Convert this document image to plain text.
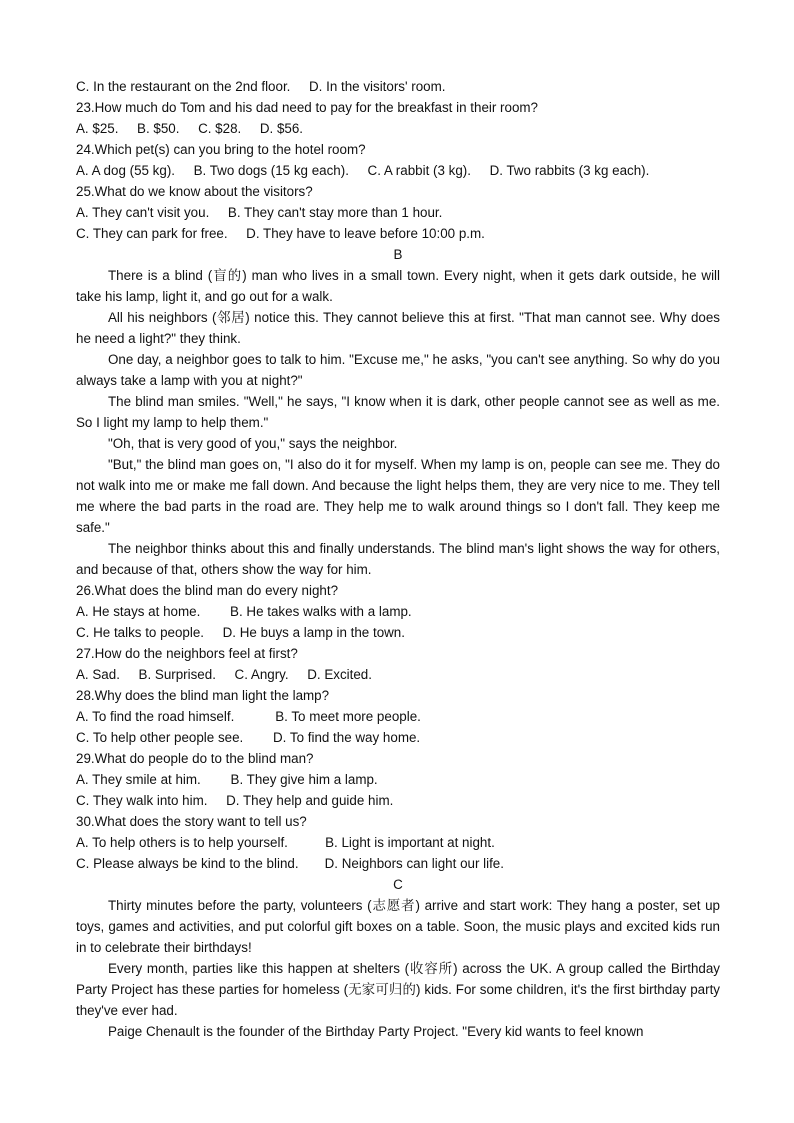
C. In the restaurant on the 2nd floor.     D. In the visitors' room.
23.How much do Tom and his dad need to pay for the breakfast in their room?
A. $25.     B. $50.     C. $28.     D. $56.
24.Which pet(s) can you bring to the hotel room?
A. A dog (55 kg).     B. Two dogs (15 kg each).     C. A rabbit (3 kg).     D. Two rabbits (3 kg each).
25.What do we know about the visitors?
A. They can't visit you.     B. They can't stay more than 1 hour.
C. They can park for free.     D. They have to leave before 10:00 p.m.
B

There is a blind (盲的) man who lives in a small town. Every night, when it gets dark outside, he will take his lamp, light it, and go out for a walk.

All his neighbors (邻居) notice this. They cannot believe this at first. "That man cannot see. Why does he need a light?" they think.

One day, a neighbor goes to talk to him. "Excuse me," he asks, "you can't see anything. So why do you always take a lamp with you at night?"

The blind man smiles. "Well," he says, "I know when it is dark, other people cannot see as well as me. So I light my lamp to help them."

"Oh, that is very good of you," says the neighbor.

"But," the blind man goes on, "I also do it for myself. When my lamp is on, people can see me. They do not walk into me or make me fall down. And because the light helps them, they are very nice to me. They tell me where the bad parts in the road are. They help me to walk around things so I don't fall. They keep me safe."

The neighbor thinks about this and finally understands. The blind man's light shows the way for others, and because of that, others show the way for him.

26.What does the blind man do every night?
A. He stays at home.        B. He takes walks with a lamp.
C. He talks to people.     D. He buys a lamp in the town.
27.How do the neighbors feel at first?
A. Sad.     B. Surprised.     C. Angry.     D. Excited.
28.Why does the blind man light the lamp?
A. To find the road himself.           B. To meet more people.
C. To help other people see.        D. To find the way home.
29.What do people do to the blind man?
A. They smile at him.        B. They give him a lamp.
C. They walk into him.     D. They help and guide him.
30.What does the story want to tell us?
A. To help others is to help yourself.          B. Light is important at night.
C. Please always be kind to the blind.       D. Neighbors can light our life.
C

Thirty minutes before the party, volunteers (志愿者) arrive and start work: They hang a poster, set up toys, games and activities, and put colorful gift boxes on a table. Soon, the music plays and excited kids run in to celebrate their birthdays!

Every month, parties like this happen at shelters (收容所) across the UK. A group called the Birthday Party Project has these parties for homeless (无家可归的) kids. For some children, it's the first birthday party they've ever had.

Paige Chenault is the founder of the Birthday Party Project. "Every kid wants to feel known
